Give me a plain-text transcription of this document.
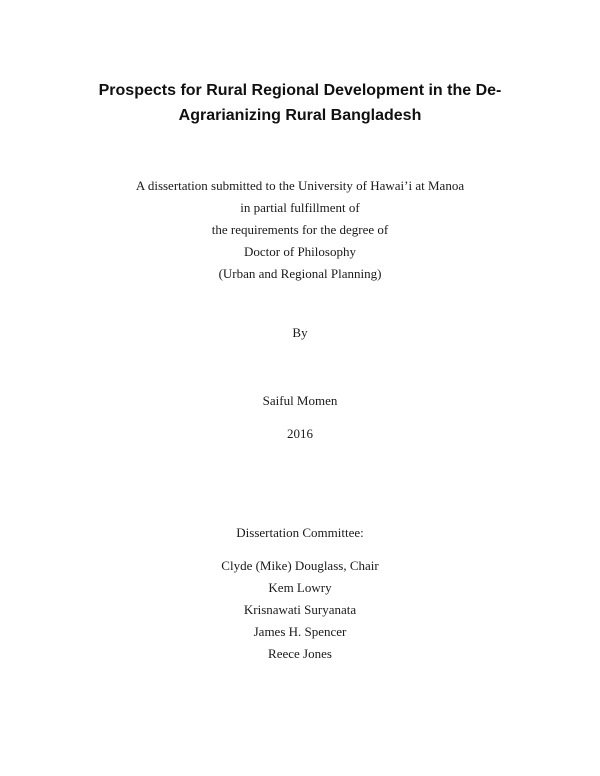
Prospects for Rural Regional Development in the De-
Agrarianizing Rural Bangladesh
A dissertation submitted to the University of Hawai’i at Manoa
in partial fulfillment of
the requirements for the degree of
Doctor of Philosophy
(Urban and Regional Planning)
By
Saiful Momen
2016
Dissertation Committee:
Clyde (Mike) Douglass, Chair
Kem Lowry
Krisnawati Suryanata
James H. Spencer
Reece Jones
